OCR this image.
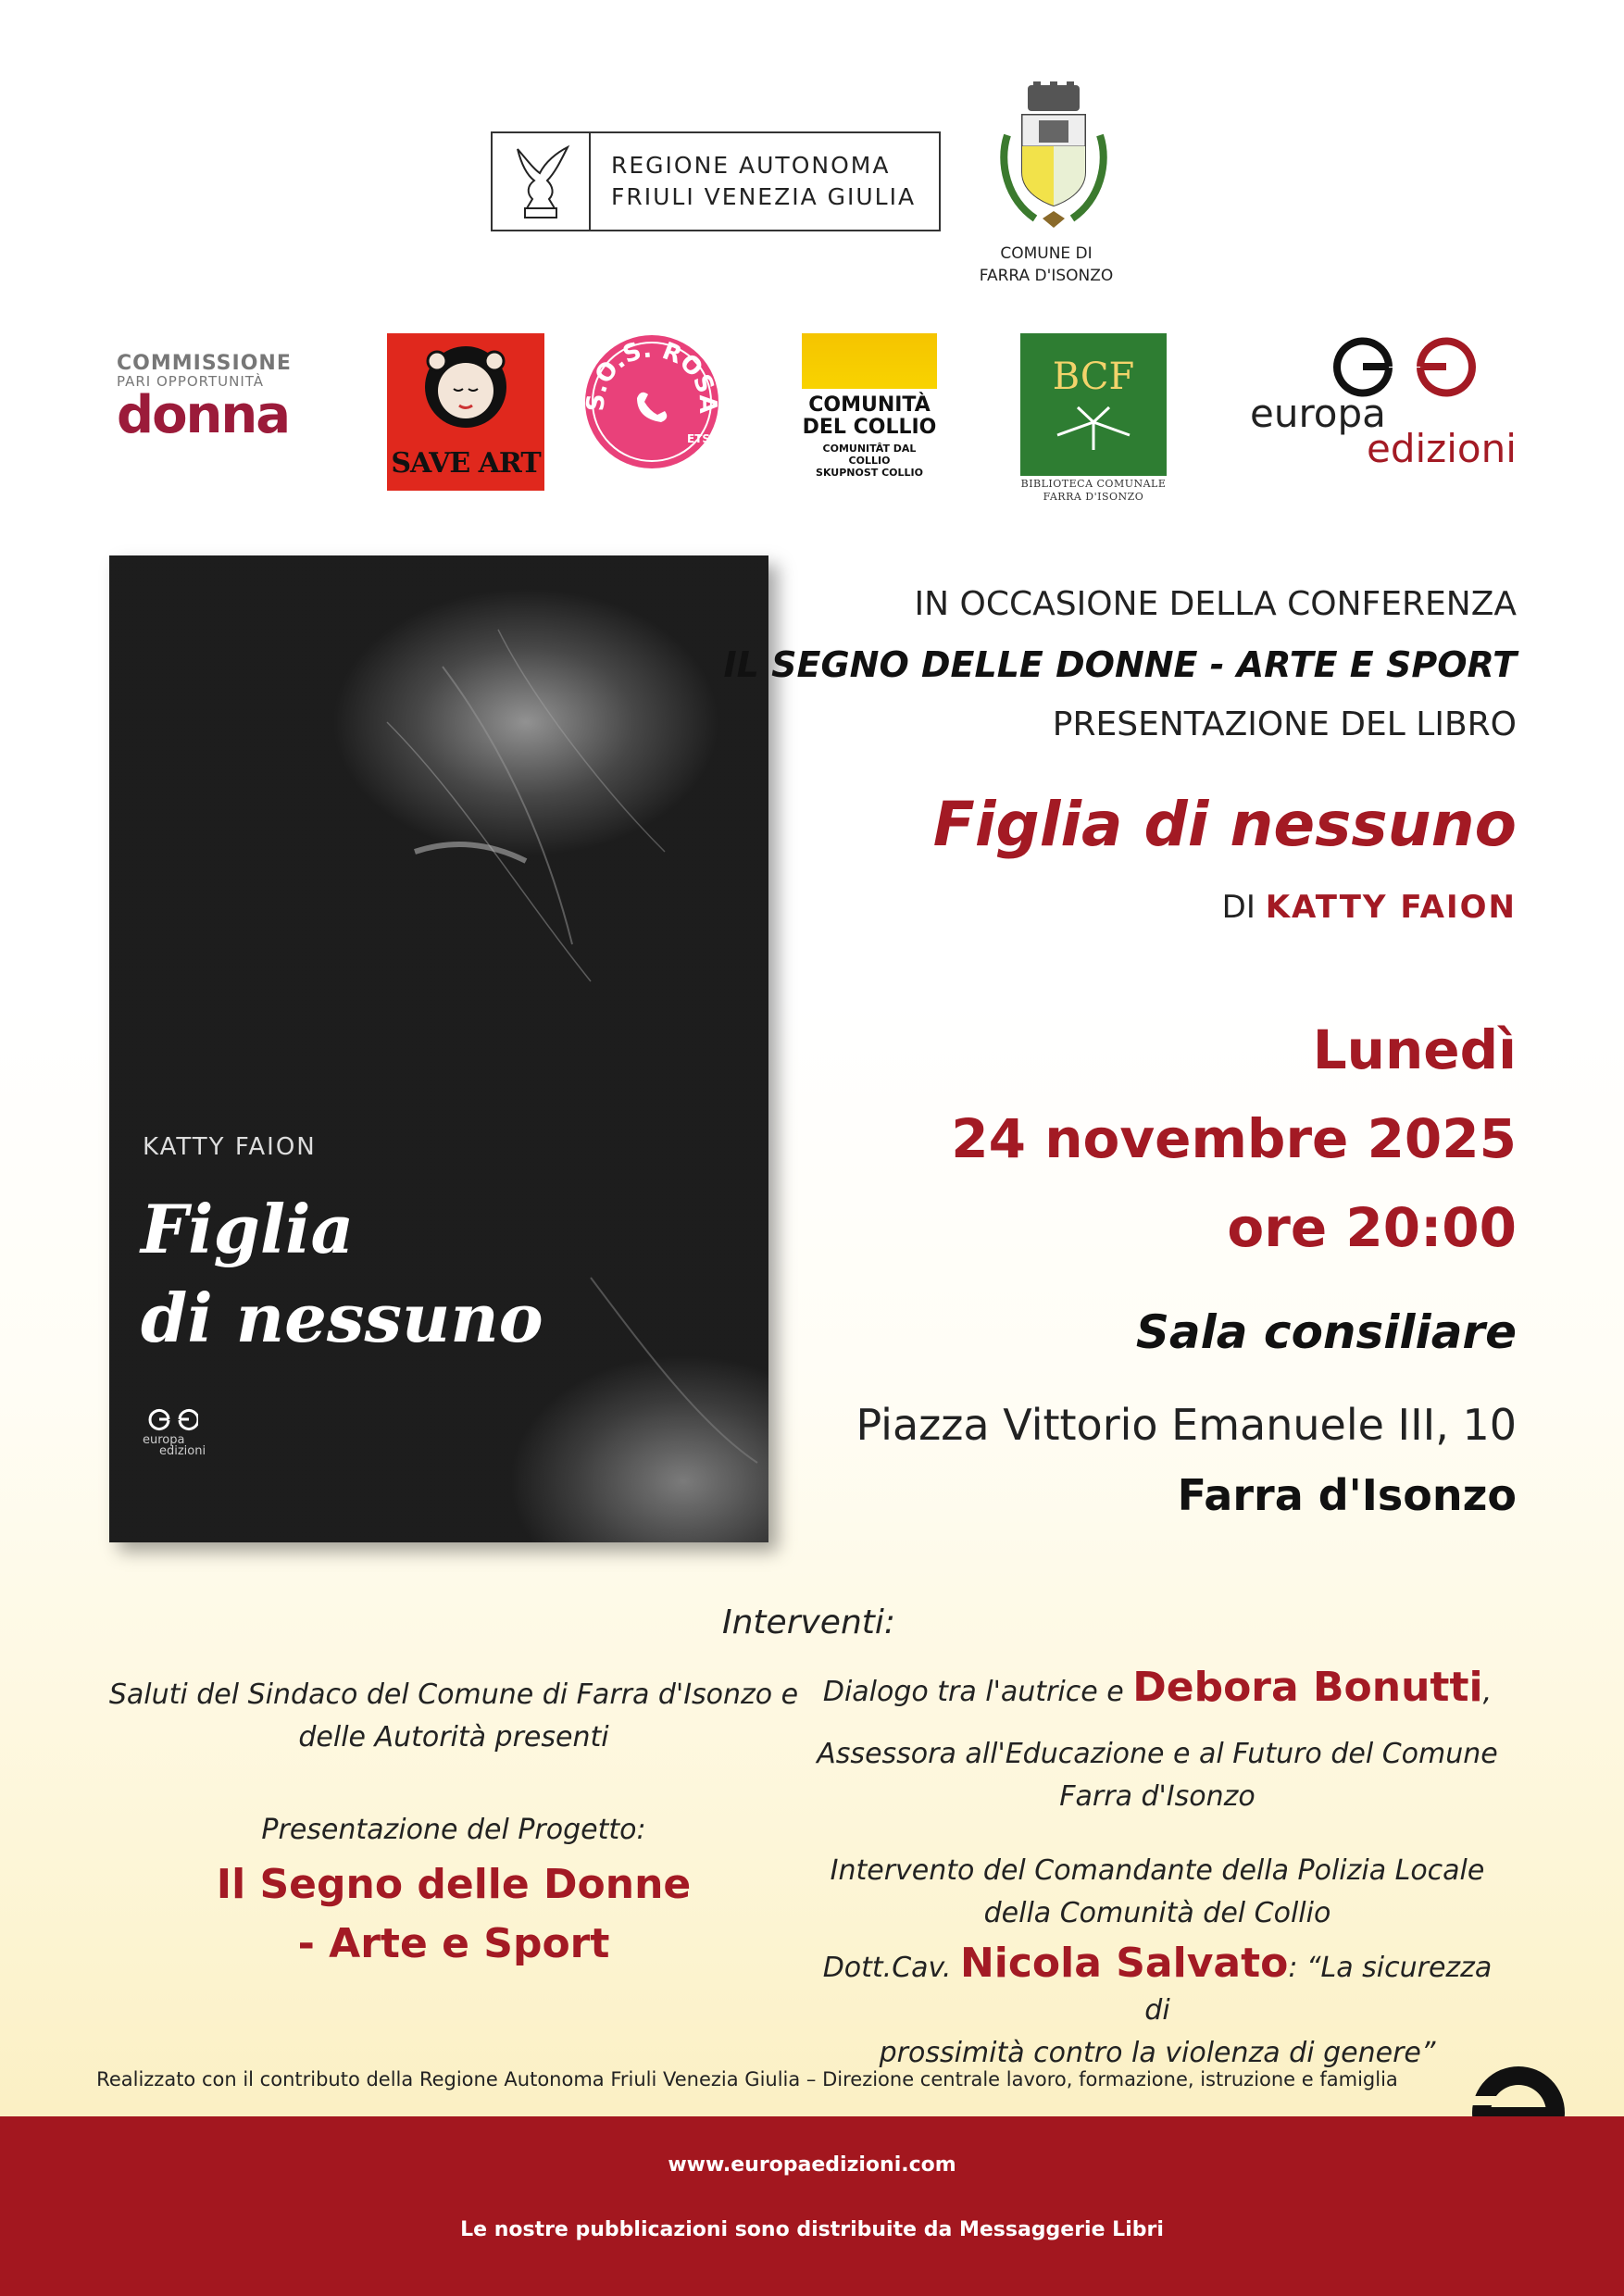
REGIONE AUTONOMA
FRIULI VENEZIA GIULIA
COMUNE DI
FARRA D'ISONZO
COMMISSIONE
PARI OPPORTUNITÀ
donna
SAVE ART
S.O.S. ROSA
ETS
COMUNITÀ
DEL COLLIO
COMUNITÂT DAL COLLIO
SKUPNOST COLLIO
BCF
BIBLIOTECA COMUNALE
FARRA D'ISONZO
europa
edizioni
KATTY FAION
Figlia
di nessuno
europa
edizioni
IN OCCASIONE DELLA CONFERENZA
IL SEGNO DELLE DONNE - ARTE E SPORT
PRESENTAZIONE DEL LIBRO
Figlia di nessuno
DI KATTY FAION
Lunedì
24 novembre 2025
ore 20:00
Sala consiliare
Piazza Vittorio Emanuele III, 10
Farra d'Isonzo
Interventi:
Saluti del Sindaco del Comune di Farra d'Isonzo e
delle Autorità presenti
Presentazione del Progetto:
Il Segno delle Donne
- Arte e Sport
Dialogo tra l'autrice e Debora Bonutti,
Assessora all'Educazione e al Futuro del Comune
Farra d'Isonzo
Intervento del Comandante della Polizia Locale
della Comunità del Collio
Dott.Cav. Nicola Salvato: “La sicurezza di
prossimità contro la violenza di genere”
Realizzato con il contributo della Regione Autonoma Friuli Venezia Giulia – Direzione centrale lavoro, formazione, istruzione e famiglia
www.europaedizioni.com
Le nostre pubblicazioni sono distribuite da Messaggerie Libri
